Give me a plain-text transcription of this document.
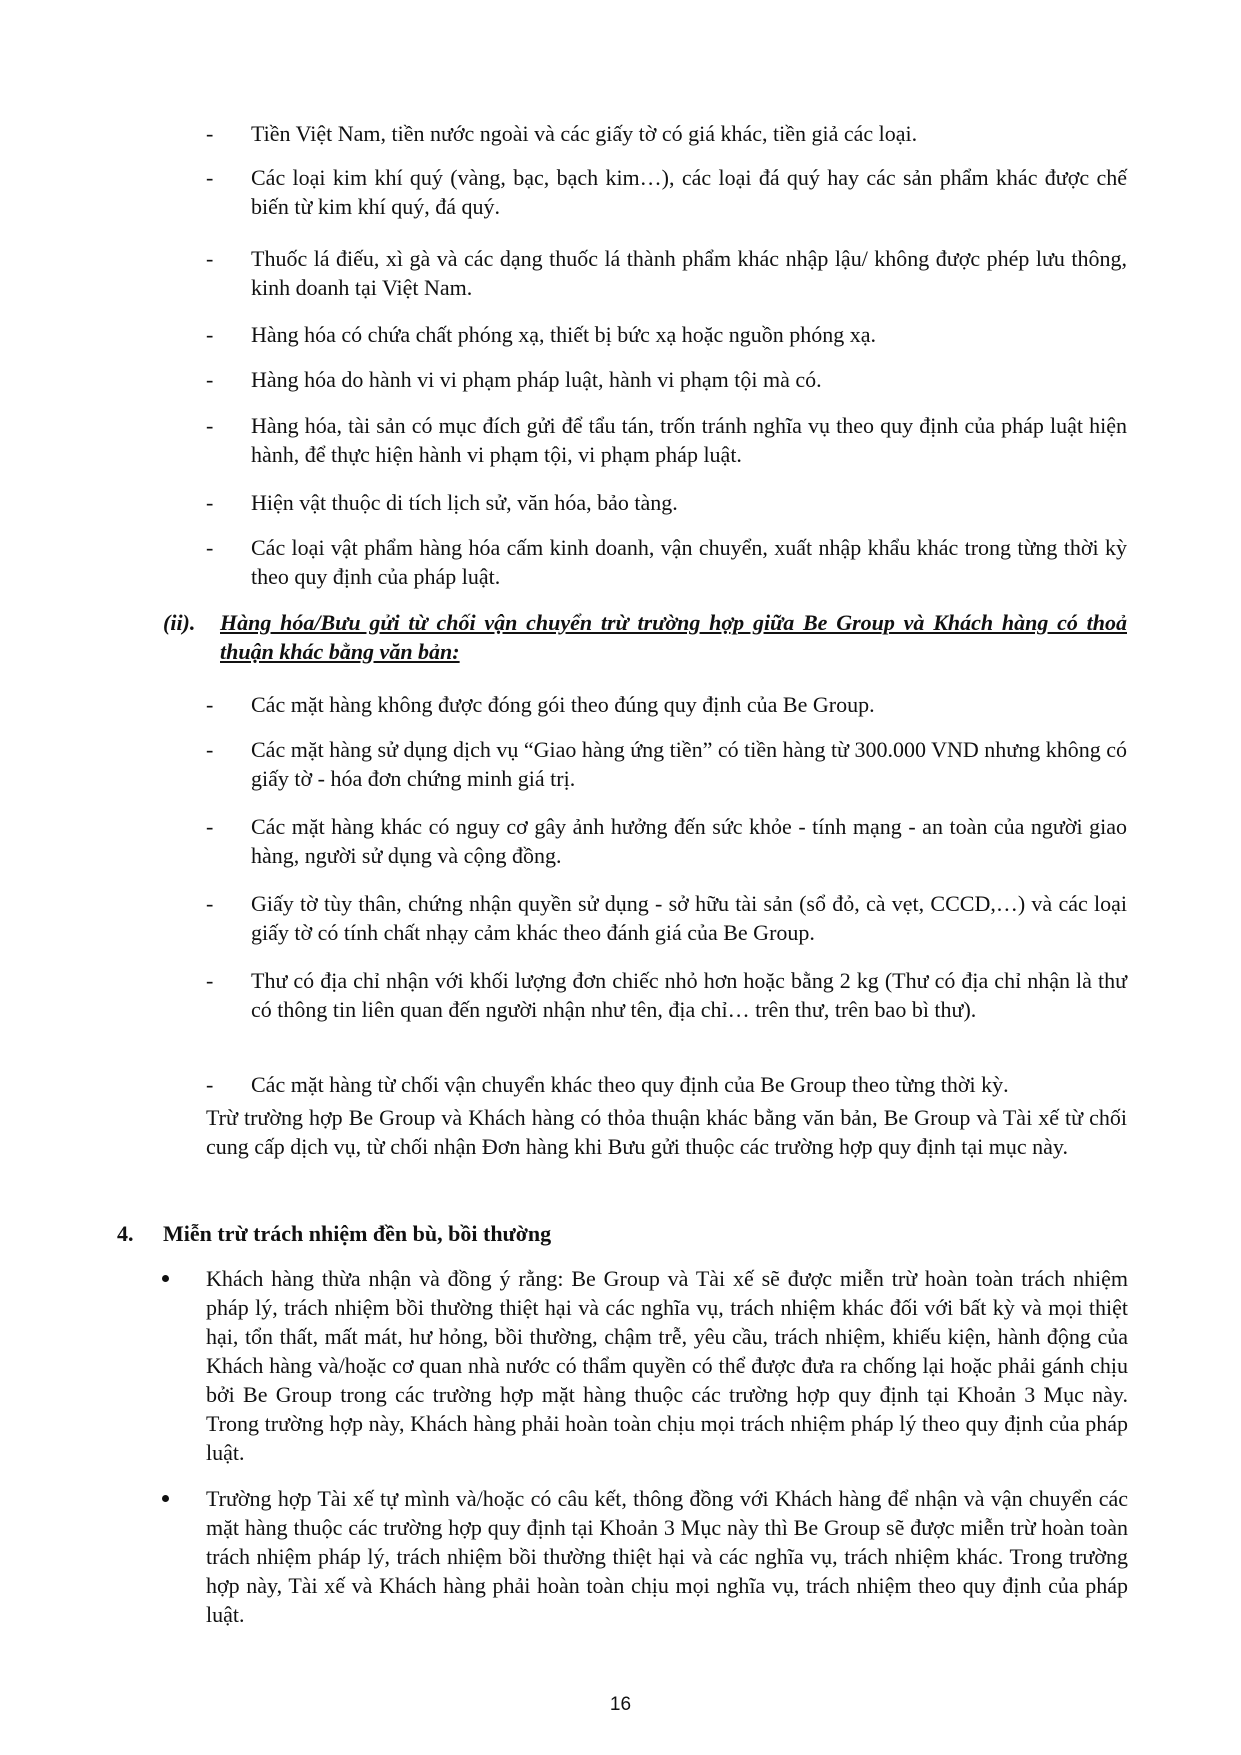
-	Tiền Việt Nam, tiền nước ngoài và các giấy tờ có giá khác, tiền giả các loại.
-	Các loại kim khí quý (vàng, bạc, bạch kim…), các loại đá quý hay các sản phẩm khác được chế biến từ kim khí quý, đá quý.
-	Thuốc lá điếu, xì gà và các dạng thuốc lá thành phẩm khác nhập lậu/ không được phép lưu thông, kinh doanh tại Việt Nam.
-	Hàng hóa có chứa chất phóng xạ, thiết bị bức xạ hoặc nguồn phóng xạ.
-	Hàng hóa do hành vi vi phạm pháp luật, hành vi phạm tội mà có.
-	Hàng hóa, tài sản có mục đích gửi để tẩu tán, trốn tránh nghĩa vụ theo quy định của pháp luật hiện hành, để thực hiện hành vi phạm tội, vi phạm pháp luật.
-	Hiện vật thuộc di tích lịch sử, văn hóa, bảo tàng.
-	Các loại vật phẩm hàng hóa cấm kinh doanh, vận chuyển, xuất nhập khẩu khác trong từng thời kỳ theo quy định của pháp luật.
(ii). Hàng hóa/Bưu gửi từ chối vận chuyển trừ trường hợp giữa Be Group và Khách hàng có thoả thuận khác bằng văn bản:
-	Các mặt hàng không được đóng gói theo đúng quy định của Be Group.
-	Các mặt hàng sử dụng dịch vụ “Giao hàng ứng tiền” có tiền hàng từ 300.000 VND nhưng không có giấy tờ - hóa đơn chứng minh giá trị.
-	Các mặt hàng khác có nguy cơ gây ảnh hưởng đến sức khỏe - tính mạng - an toàn của người giao hàng, người sử dụng và cộng đồng.
-	Giấy tờ tùy thân, chứng nhận quyền sử dụng - sở hữu tài sản (sổ đỏ, cà vẹt, CCCD,…) và các loại giấy tờ có tính chất nhạy cảm khác theo đánh giá của Be Group.
-	Thư có địa chỉ nhận với khối lượng đơn chiếc nhỏ hơn hoặc bằng 2 kg (Thư có địa chỉ nhận là thư có thông tin liên quan đến người nhận như tên, địa chỉ… trên thư, trên bao bì thư).
-	Các mặt hàng từ chối vận chuyển khác theo quy định của Be Group theo từng thời kỳ.
Trừ trường hợp Be Group và Khách hàng có thỏa thuận khác bằng văn bản, Be Group và Tài xế từ chối cung cấp dịch vụ, từ chối nhận Đơn hàng khi Bưu gửi thuộc các trường hợp quy định tại mục này.
4. Miễn trừ trách nhiệm đền bù, bồi thường
Khách hàng thừa nhận và đồng ý rằng: Be Group và Tài xế sẽ được miễn trừ hoàn toàn trách nhiệm pháp lý, trách nhiệm bồi thường thiệt hại và các nghĩa vụ, trách nhiệm khác đối với bất kỳ và mọi thiệt hại, tổn thất, mất mát, hư hỏng, bồi thường, chậm trễ, yêu cầu, trách nhiệm, khiếu kiện, hành động của Khách hàng và/hoặc cơ quan nhà nước có thẩm quyền có thể được đưa ra chống lại hoặc phải gánh chịu bởi Be Group trong các trường hợp mặt hàng thuộc các trường hợp quy định tại Khoản 3 Mục này. Trong trường hợp này, Khách hàng phải hoàn toàn chịu mọi trách nhiệm pháp lý theo quy định của pháp luật.
Trường hợp Tài xế tự mình và/hoặc có câu kết, thông đồng với Khách hàng để nhận và vận chuyển các mặt hàng thuộc các trường hợp quy định tại Khoản 3 Mục này thì Be Group sẽ được miễn trừ hoàn toàn trách nhiệm pháp lý, trách nhiệm bồi thường thiệt hại và các nghĩa vụ, trách nhiệm khác. Trong trường hợp này, Tài xế và Khách hàng phải hoàn toàn chịu mọi nghĩa vụ, trách nhiệm theo quy định của pháp luật.
16
